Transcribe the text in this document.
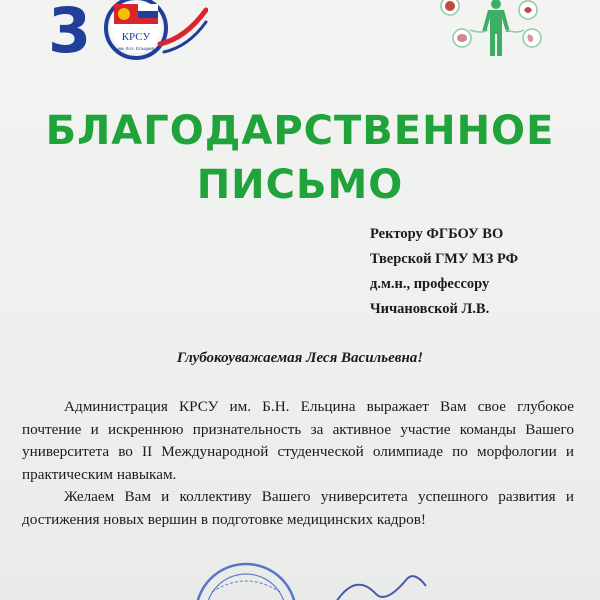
3	КРСУ
им. Б.Н. Ельцина
БЛАГОДАРСТВЕННОЕ
ПИСЬМО
Ректору ФГБОУ ВО
Тверской ГМУ МЗ РФ
д.м.н., профессору
Чичановской Л.В.
Глубокоуважаемая Леся Васильевна!

Администрация КРСУ им. Б.Н. Ельцина выражает Вам свое глубокое почтение и искреннюю признательность за активное участие команды Вашего университета во II Международной студенческой олимпиаде по морфологии и практическим навыкам.

Желаем Вам и коллективу Вашего университета успешного развития и достижения новых вершин в подготовке медицинских кадров!
